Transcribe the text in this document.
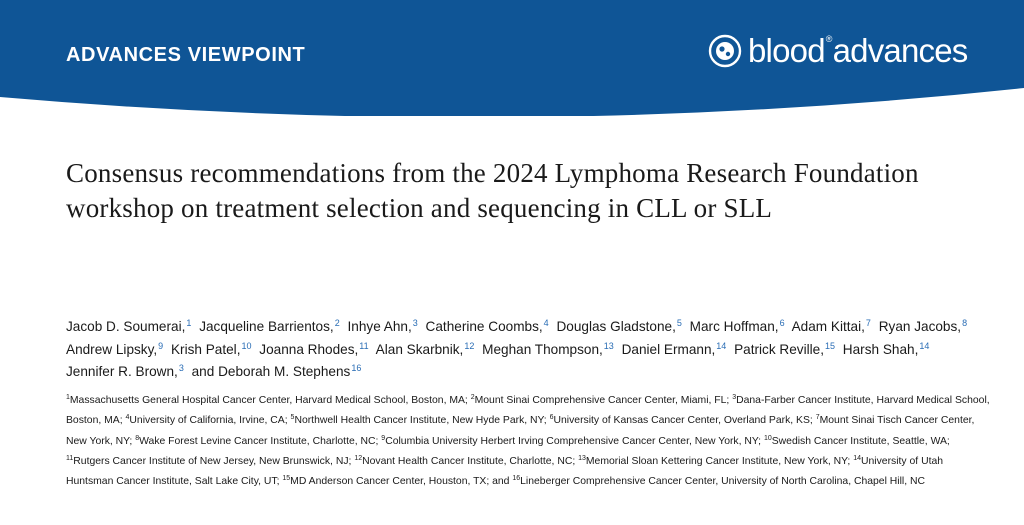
ADVANCES VIEWPOINT	blood®advances
Consensus recommendations from the 2024 Lymphoma Research Foundation workshop on treatment selection and sequencing in CLL or SLL
Jacob D. Soumerai,$^1$ Jacqueline Barrientos,$^2$ Inhye Ahn,$^3$ Catherine Coombs,$^4$ Douglas Gladstone,$^5$ Marc Hoffman,$^6$ Adam Kittai,$^7$ Ryan Jacobs,$^8$ Andrew Lipsky,$^9$ Krish Patel,$^{10}$ Joanna Rhodes,$^{11}$ Alan Skarbnik,$^{12}$ Meghan Thompson,$^{13}$ Daniel Ermann,$^{14}$ Patrick Reville,$^{15}$ Harsh Shah,$^{14}$ Jennifer R. Brown,$^3$ and Deborah M. Stephens$^{16}$
$^1$Massachusetts General Hospital Cancer Center, Harvard Medical School, Boston, MA; $^2$Mount Sinai Comprehensive Cancer Center, Miami, FL; $^3$Dana-Farber Cancer Institute, Harvard Medical School, Boston, MA; $^4$University of California, Irvine, CA; $^5$Northwell Health Cancer Institute, New Hyde Park, NY; $^6$University of Kansas Cancer Center, Overland Park, KS; $^7$Mount Sinai Tisch Cancer Center, New York, NY; $^8$Wake Forest Levine Cancer Institute, Charlotte, NC; $^9$Columbia University Herbert Irving Comprehensive Cancer Center, New York, NY; $^{10}$Swedish Cancer Institute, Seattle, WA; $^{11}$Rutgers Cancer Institute of New Jersey, New Brunswick, NJ; $^{12}$Novant Health Cancer Institute, Charlotte, NC; $^{13}$Memorial Sloan Kettering Cancer Institute, New York, NY; $^{14}$University of Utah Huntsman Cancer Institute, Salt Lake City, UT; $^{15}$MD Anderson Cancer Center, Houston, TX; and $^{16}$Lineberger Comprehensive Cancer Center, University of North Carolina, Chapel Hill, NC
